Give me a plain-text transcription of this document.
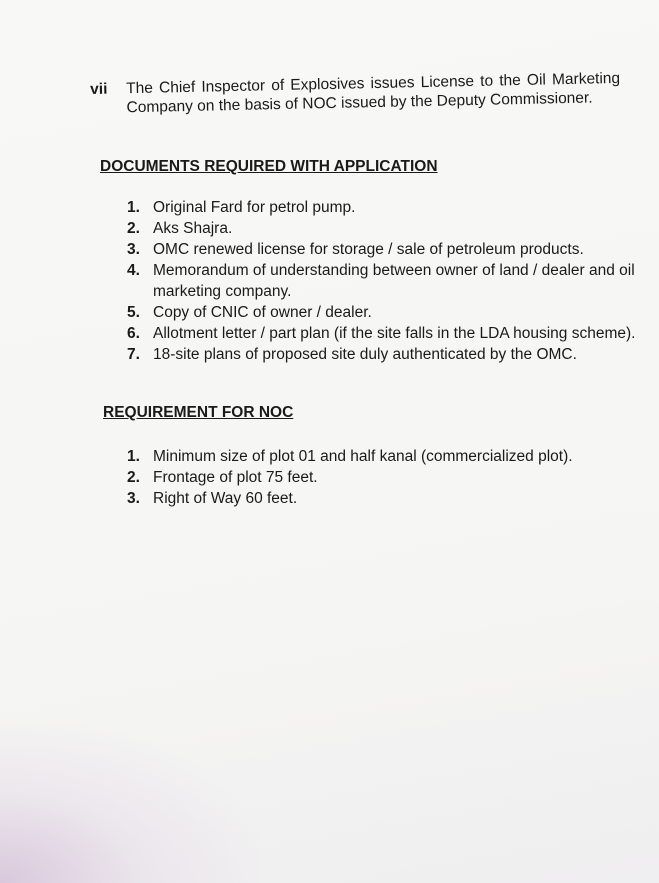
vii The Chief Inspector of Explosives issues License to the Oil Marketing Company on the basis of NOC issued by the Deputy Commissioner.
DOCUMENTS REQUIRED WITH APPLICATION
1. Original Fard for petrol pump.
2. Aks Shajra.
3. OMC renewed license for storage / sale of petroleum products.
4. Memorandum of understanding between owner of land / dealer and oil marketing company.
5. Copy of CNIC of owner / dealer.
6. Allotment letter / part plan (if the site falls in the LDA housing scheme).
7. 18-site plans of proposed site duly authenticated by the OMC.
REQUIREMENT FOR NOC
1. Minimum size of plot 01 and half kanal (commercialized plot).
2. Frontage of plot 75 feet.
3. Right of Way 60 feet.
